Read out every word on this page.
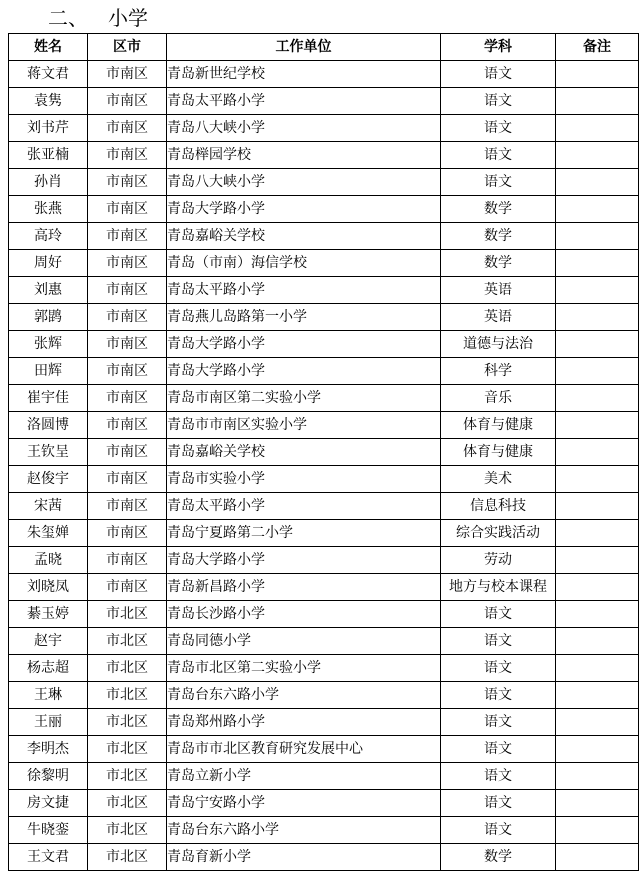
二、 小学
姓名	区市	工作单位	学科	备注
蒋文君	市南区	青岛新世纪学校	语文	
袁隽	市南区	青岛太平路小学	语文	
刘书芹	市南区	青岛八大峡小学	语文	
张亚楠	市南区	青岛榉园学校	语文	
孙肖	市南区	青岛八大峡小学	语文	
张燕	市南区	青岛大学路小学	数学	
高玲	市南区	青岛嘉峪关学校	数学	
周好	市南区	青岛（市南）海信学校	数学	
刘惠	市南区	青岛太平路小学	英语	
郭鹍	市南区	青岛燕儿岛路第一小学	英语	
张辉	市南区	青岛大学路小学	道德与法治	
田辉	市南区	青岛大学路小学	科学	
崔宇佳	市南区	青岛市南区第二实验小学	音乐	
洛圆博	市南区	青岛市市南区实验小学	体育与健康	
王钦呈	市南区	青岛嘉峪关学校	体育与健康	
赵俊宇	市南区	青岛市实验小学	美术	
宋茜	市南区	青岛太平路小学	信息科技	
朱玺婵	市南区	青岛宁夏路第二小学	综合实践活动	
孟晓	市南区	青岛大学路小学	劳动	
刘晓凤	市南区	青岛新昌路小学	地方与校本课程	
綦玉婷	市北区	青岛长沙路小学	语文	
赵宇	市北区	青岛同德小学	语文	
杨志超	市北区	青岛市北区第二实验小学	语文	
王琳	市北区	青岛台东六路小学	语文	
王丽	市北区	青岛郑州路小学	语文	
李明杰	市北区	青岛市市北区教育研究发展中心	语文	
徐黎明	市北区	青岛立新小学	语文	
房文捷	市北区	青岛宁安路小学	语文	
牛晓銮	市北区	青岛台东六路小学	语文	
王文君	市北区	青岛育新小学	数学	
